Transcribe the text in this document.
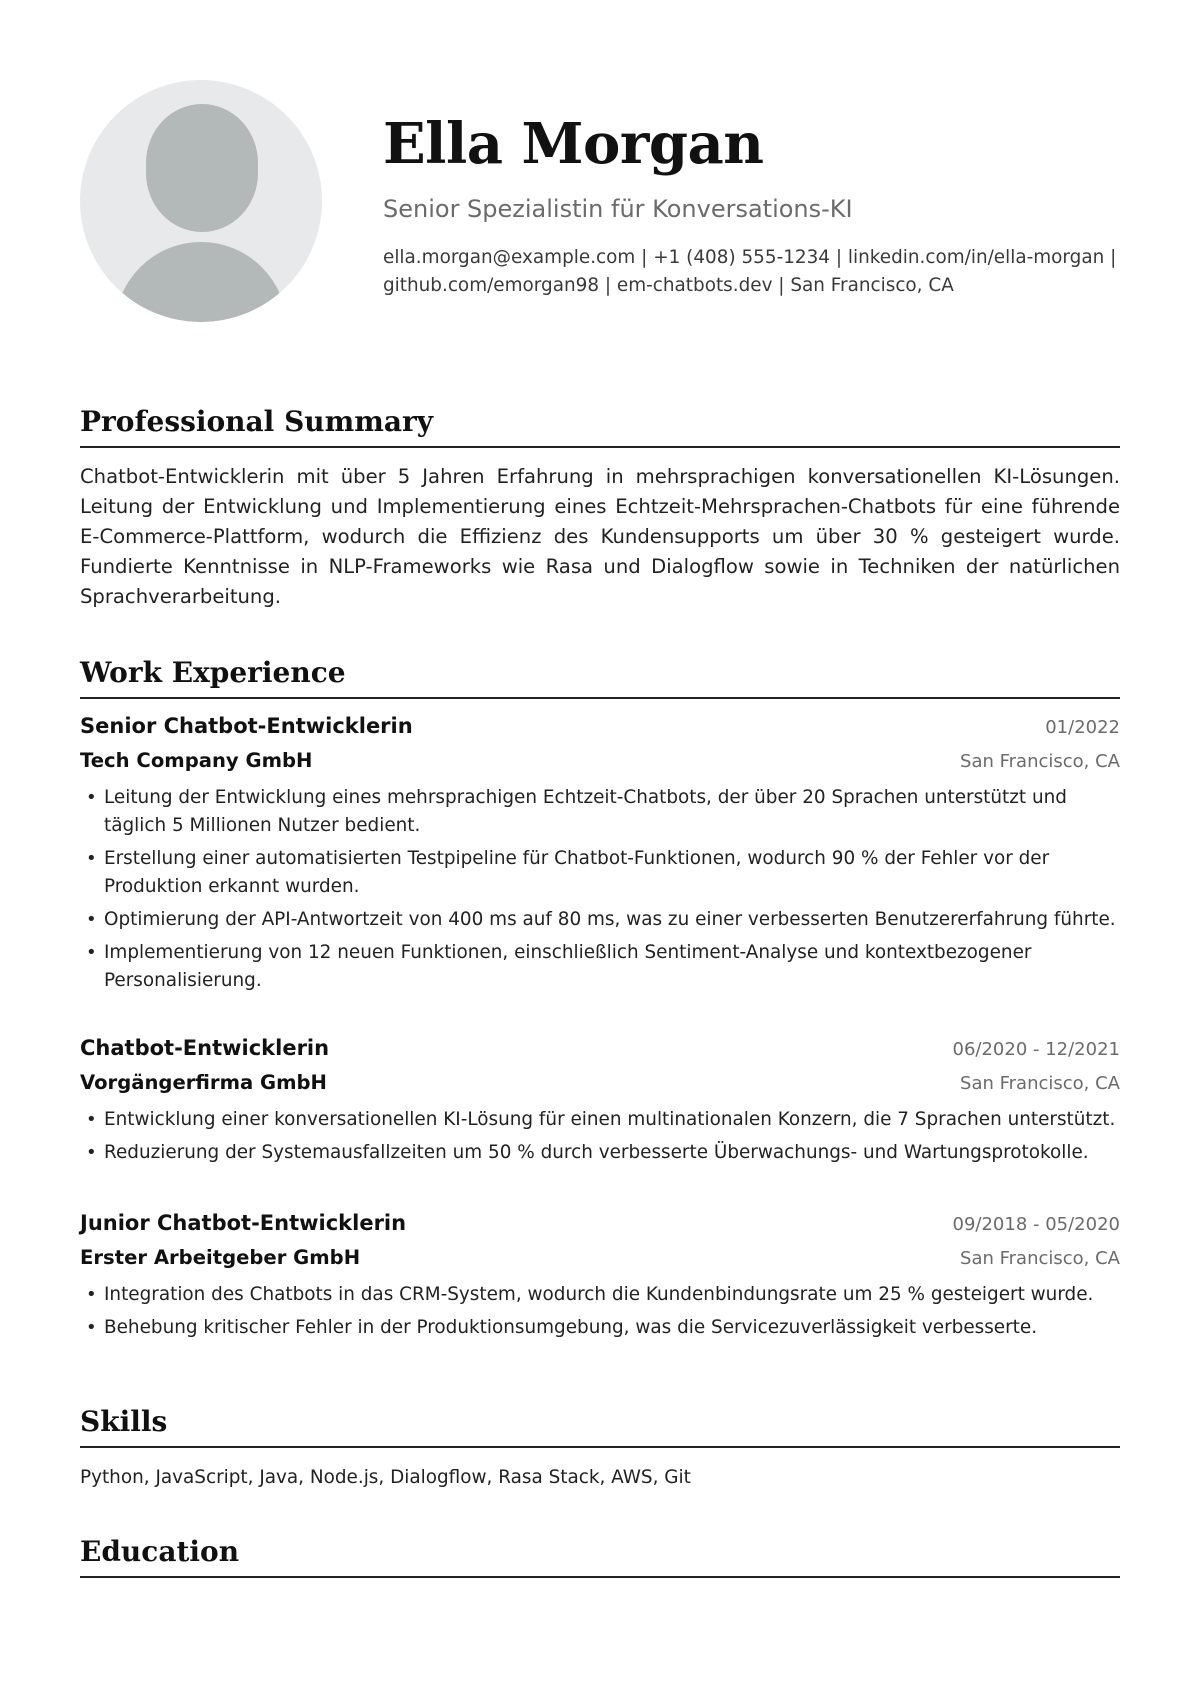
Ella Morgan
Senior Spezialistin für Konversations-KI
ella.morgan@example.com | +1 (408) 555-1234 | linkedin.com/in/ella-morgan | github.com/emorgan98 | em-chatbots.dev | San Francisco, CA
Professional Summary
Chatbot-Entwicklerin mit über 5 Jahren Erfahrung in mehrsprachigen konversationellen KI-Lösungen. Leitung der Entwicklung und Implementierung eines Echtzeit-Mehrsprachen-Chatbots für eine führende E-Commerce-Plattform, wodurch die Effizienz des Kundensupports um über 30 % gesteigert wurde. Fundierte Kenntnisse in NLP-Frameworks wie Rasa und Dialogflow sowie in Techniken der natürlichen Sprachverarbeitung.
Work Experience
Senior Chatbot-Entwicklerin	01/2022
Tech Company GmbH	San Francisco, CA
• Leitung der Entwicklung eines mehrsprachigen Echtzeit-Chatbots, der über 20 Sprachen unterstützt und täglich 5 Millionen Nutzer bedient.
• Erstellung einer automatisierten Testpipeline für Chatbot-Funktionen, wodurch 90 % der Fehler vor der Produktion erkannt wurden.
• Optimierung der API-Antwortzeit von 400 ms auf 80 ms, was zu einer verbesserten Benutzererfahrung führte.
• Implementierung von 12 neuen Funktionen, einschließlich Sentiment-Analyse und kontextbezogener Personalisierung.
Chatbot-Entwicklerin	06/2020 - 12/2021
Vorgängerfirma GmbH	San Francisco, CA
• Entwicklung einer konversationellen KI-Lösung für einen multinationalen Konzern, die 7 Sprachen unterstützt.
• Reduzierung der Systemausfallzeiten um 50 % durch verbesserte Überwachungs- und Wartungsprotokolle.
Junior Chatbot-Entwicklerin	09/2018 - 05/2020
Erster Arbeitgeber GmbH	San Francisco, CA
• Integration des Chatbots in das CRM-System, wodurch die Kundenbindungsrate um 25 % gesteigert wurde.
• Behebung kritischer Fehler in der Produktionsumgebung, was die Servicezuverlässigkeit verbesserte.
Skills
Python, JavaScript, Java, Node.js, Dialogflow, Rasa Stack, AWS, Git
Education
